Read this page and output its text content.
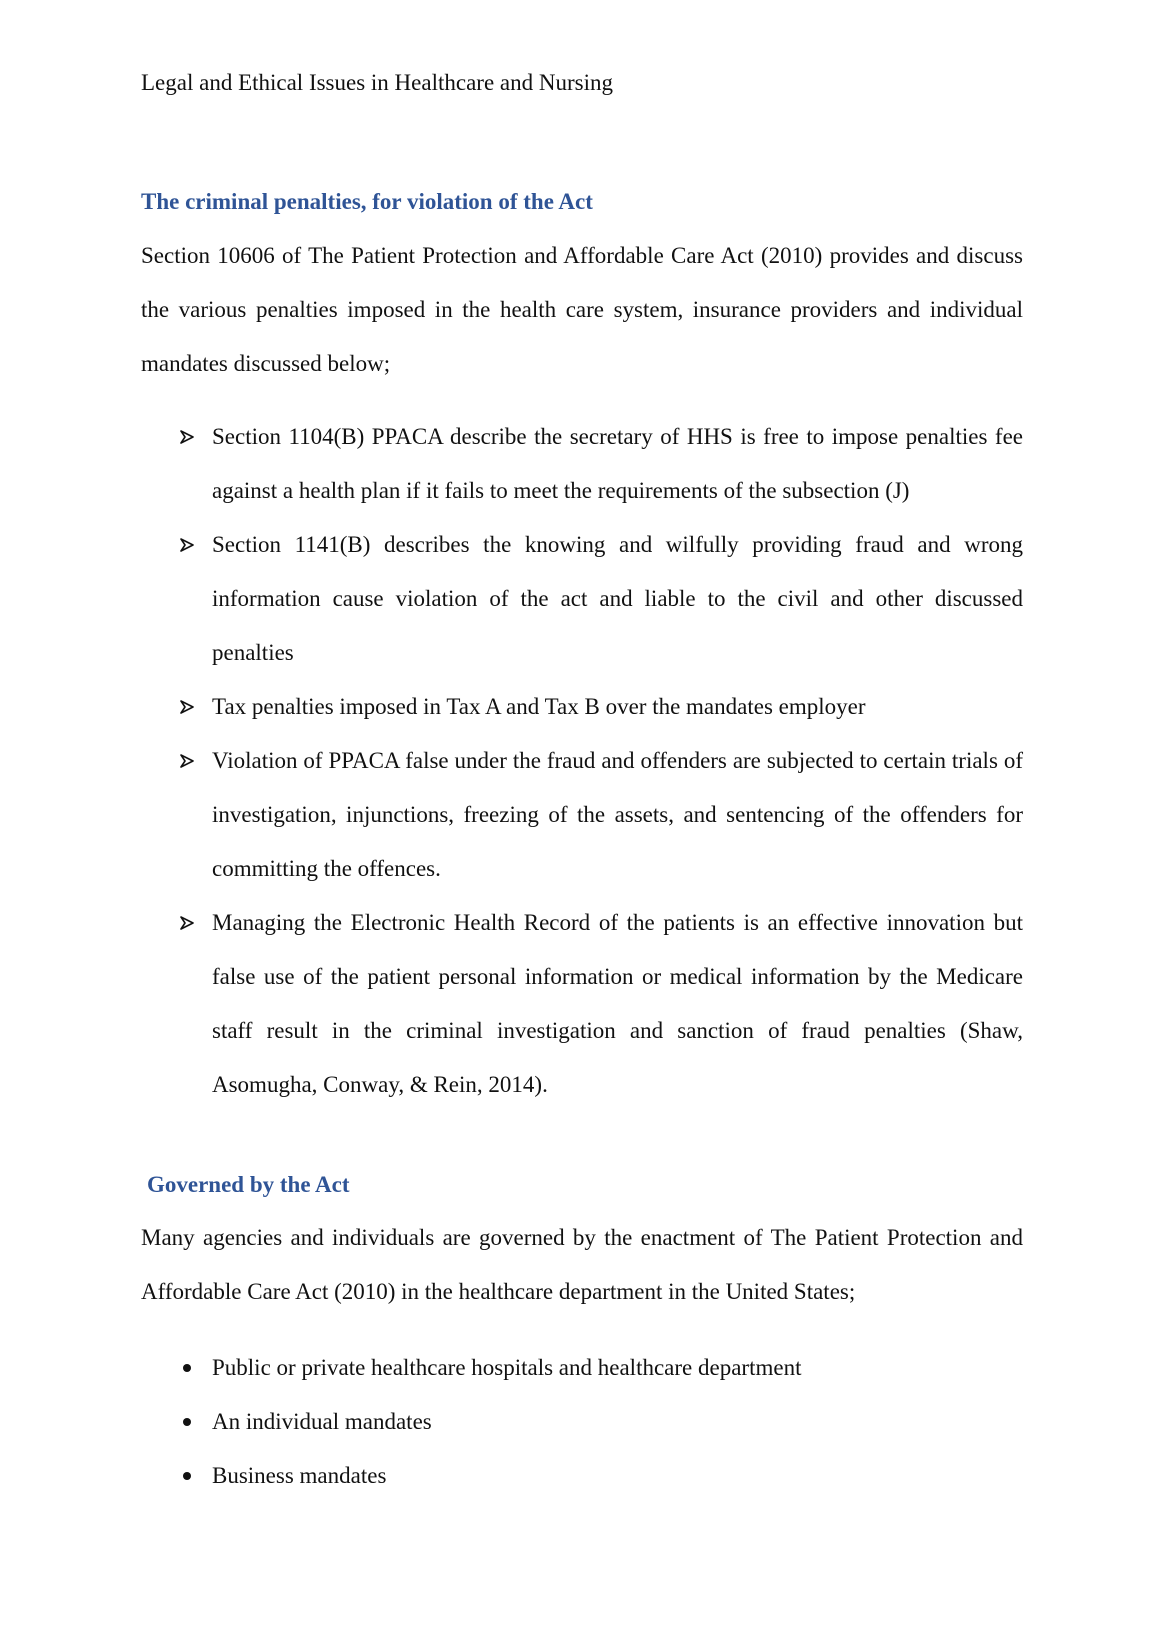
Legal and Ethical Issues in Healthcare and Nursing
The criminal penalties, for violation of the Act

Section 10606 of The Patient Protection and Affordable Care Act (2010) provides and discuss the various penalties imposed in the health care system, insurance providers and individual mandates discussed below;

Section 1104(B) PPACA describe the secretary of HHS is free to impose penalties fee against a health plan if it fails to meet the requirements of the subsection (J)
Section 1141(B) describes the knowing and wilfully providing fraud and wrong information cause violation of the act and liable to the civil and other discussed penalties
Tax penalties imposed in Tax A and Tax B over the mandates employer
Violation of PPACA false under the fraud and offenders are subjected to certain trials of investigation, injunctions, freezing of the assets, and sentencing of the offenders for committing the offences.
Managing the Electronic Health Record of the patients is an effective innovation but false use of the patient personal information or medical information by the Medicare staff result in the criminal investigation and sanction of fraud penalties (Shaw, Asomugha, Conway, & Rein, 2014).
Governed by the Act

Many agencies and individuals are governed by the enactment of The Patient Protection and Affordable Care Act (2010) in the healthcare department in the United States;

Public or private healthcare hospitals and healthcare department
An individual mandates
Business mandates
